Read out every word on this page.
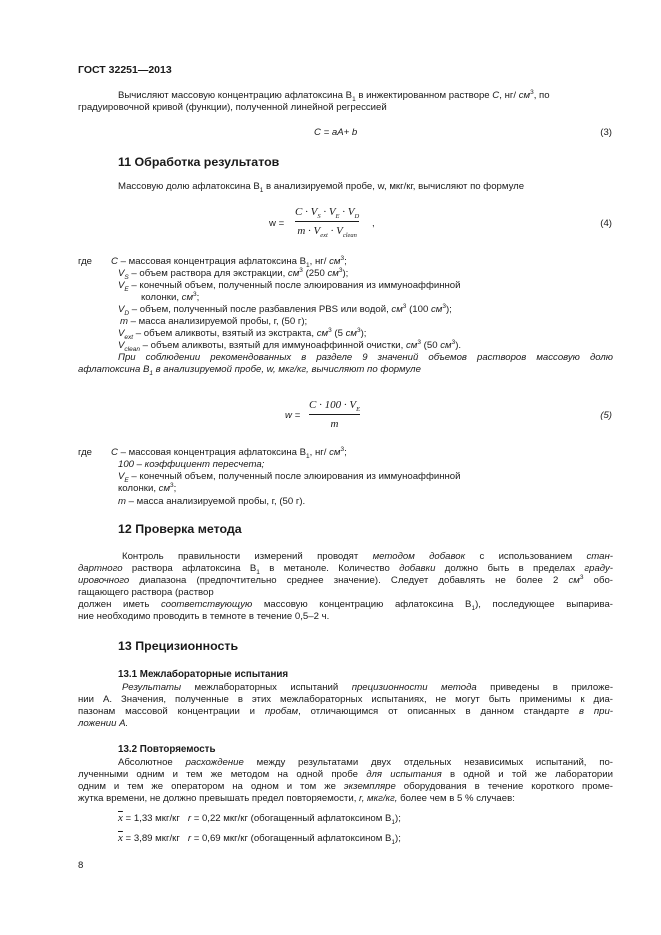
ГОСТ 32251—2013
Вычисляют массовую концентрацию афлатоксина $B_1$ в инжектированном растворе С, нг/ $см^3$, по
градуировочной кривой (функции), полученной линейной регрессией
C = aA+ b	(3)
11 Обработка результатов
Массовую долю афлатоксина $B_1$ в анализируемой пробе, w, мкг/кг, вычисляют по формуле
w =
$C \cdot V_S \cdot V_E \cdot V_D$
$m \cdot V_{ext} \cdot V_{clean}$
,	(4)
где С – массовая концентрация афлатоксина $B_1$, нг/ $см^3$;
$V_S$ – объем раствора для экстракции, $см^3$ (250 $см^3$);
$V_E$ – конечный объем, полученный после элюирования из иммуноаффинной
колонки, $см^3$;
$V_D$ – объем, полученный после разбавления PBS или водой, $см^3$ (100 $см^3$);
m – масса анализируемой пробы, г, (50 г);
$V_{ext}$ – объем аликвоты, взятый из экстракта, $см^3$ (5 $см^3$);
$V_{clean}$ – объем аликвоты, взятый для иммуноаффинной очистки, $см^3$ (50 $см^3$).
При соблюдении рекомендованных в разделе 9 значений объемов растворов массовую долю
афлатоксина $B_1$ в анализируемой пробе, w, мкг/кг, вычисляют по формуле
w =
$C \cdot 100 \cdot V_E$
m
(5)
где С – массовая концентрация афлатоксина $B_1$, нг/ $см^3$;
100 – коэффициент пересчета;
$V_E$ – конечный объем, полученный после элюирования из иммуноаффинной
колонки, $см^3$;
m – масса анализируемой пробы, г, (50 г).
12 Проверка метода
Контроль правильности измерений проводят методом добавок с использованием стан-
дартного раствора афлатоксина $B_1$ в метаноле. Количество добавки должно быть в пределах граду-
ировочного диапазона (предпочтительно среднее значение). Следует добавлять не более 2 $см^3$ обо-
гащающего раствора (раствор
должен иметь соответствующую массовую концентрацию афлатоксина $B_1$), последующее выпарива-
ние необходимо проводить в темноте в течение 0,5–2 ч.
13 Прецизионность
13.1 Межлабораторные испытания
Результаты межлабораторных испытаний прецизионности метода приведены в приложе-
нии А. Значения, полученные в этих межлабораторных испытаниях, не могут быть применимы к диа-
пазонам массовой концентрации и пробам, отличающимся от описанных в данном стандарте в при-
ложении А.
13.2 Повторяемость
Абсолютное расхождение между результатами двух отдельных независимых испытаний, по-
лученными одним и тем же методом на одной пробе для испытания в одной и той же лаборатории
одним и тем же оператором на одном и том же экземпляре оборудования в течение короткого проме-
жутка времени, не должно превышать предел повторяемости, r, мкг/кг, более чем в 5 % случаев:
$\overline{x} = 1,33$ мкг/кг r = 0,22 мкг/кг (обогащенный афлатоксином $B_1$);
$\overline{x} = 3,89$ мкг/кг r = 0,69 мкг/кг (обогащенный афлатоксином $B_1$);
8
